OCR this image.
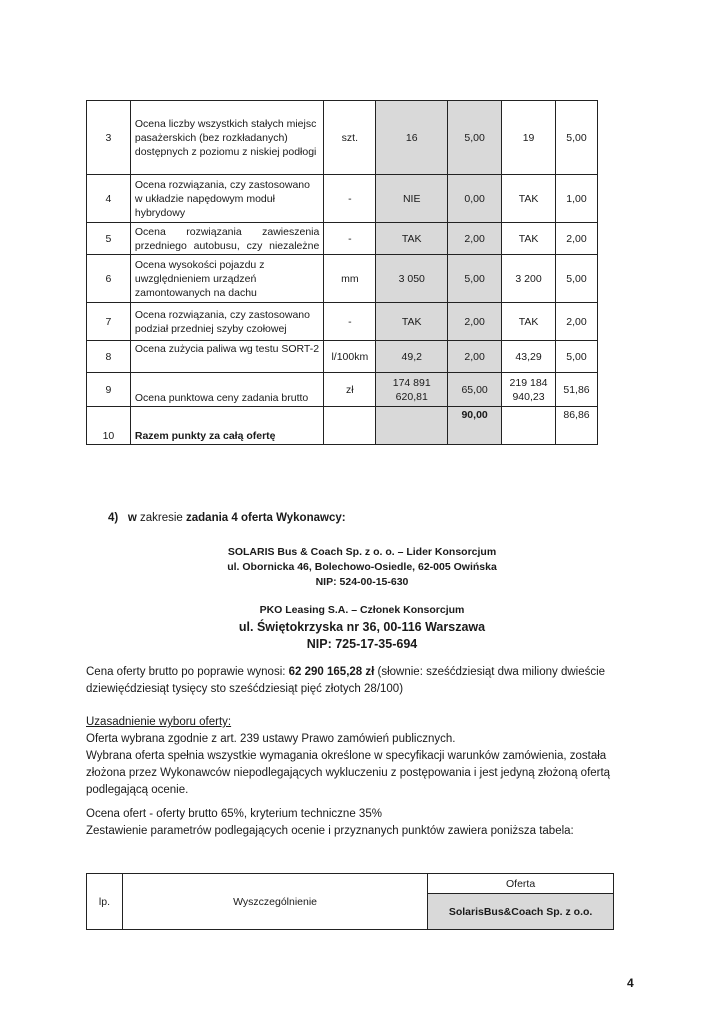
3	Ocena liczby wszystkich stałych miejsc pasażerskich (bez rozkładanych) dostępnych z poziomu z niskiej podłogi	szt.	16	5,00	19	5,00
4	Ocena rozwiązania, czy zastosowano w układzie napędowym moduł hybrydowy	-	NIE	0,00	TAK	1,00
5	Ocena rozwiązania zawieszenia przedniego autobusu, czy niezależne	-	TAK	2,00	TAK	2,00
6	Ocena wysokości pojazdu z uwzględnieniem urządzeń zamontowanych na dachu	mm	3 050	5,00	3 200	5,00
7	Ocena rozwiązania, czy zastosowano podział przedniej szyby czołowej	-	TAK	2,00	TAK	2,00
8	Ocena zużycia paliwa wg testu SORT-2	l/100km	49,2	2,00	43,29	5,00
9	Ocena punktowa ceny zadania brutto	zł	174 891 620,81	65,00	219 184 940,23	51,86
10	Razem punkty za całą ofertę			90,00		86,86
4) w zakresie zadania 4 oferta Wykonawcy:
SOLARIS Bus & Coach Sp. z o. o. – Lider Konsorcjum
ul. Obornicka 46, Bolechowo-Osiedle, 62-005 Owińska
NIP: 524-00-15-630
PKO Leasing S.A. – Członek Konsorcjum
ul. Świętokrzyska nr 36, 00-116 Warszawa
NIP: 725-17-35-694
Cena oferty brutto po poprawie wynosi: 62 290 165,28 zł (słownie: sześćdziesiąt dwa miliony dwieście
dziewięćdziesiąt tysięcy sto sześćdziesiąt pięć złotych 28/100)
Uzasadnienie wyboru oferty:
Oferta wybrana zgodnie z art. 239 ustawy Prawo zamówień publicznych.
Wybrana oferta spełnia wszystkie wymagania określone w specyfikacji warunków zamówienia, została
złożona przez Wykonawców niepodlegających wykluczeniu z postępowania i jest jedyną złożoną ofertą
podlegającą ocenie.
Ocena ofert - oferty brutto 65%, kryterium techniczne 35%
Zestawienie parametrów podlegających ocenie i przyznanych punktów zawiera poniższa tabela:
lp.	Wyszczególnienie	Oferta
SolarisBus&Coach Sp. z o.o.
4
